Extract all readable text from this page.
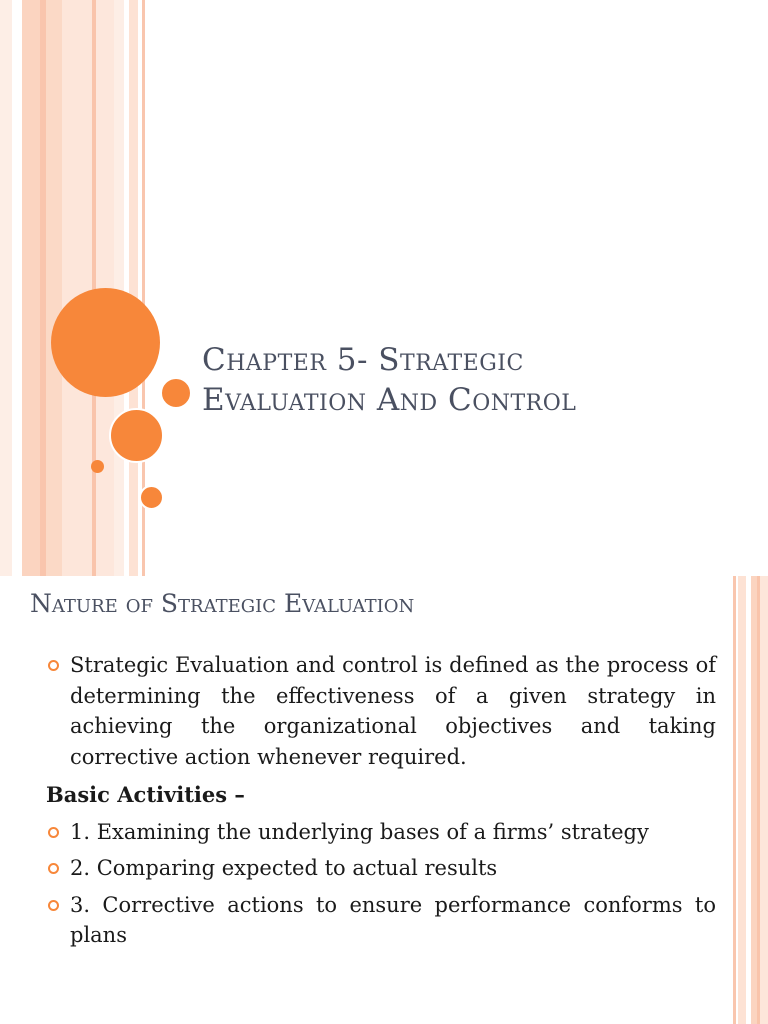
Chapter 5- Strategic
Evaluation And Control
Nature of Strategic Evaluation
Strategic Evaluation and control is defined as the process of determining the effectiveness of a given strategy in achieving the organizational objectives and taking corrective action whenever required.
Basic Activities –
1. Examining the underlying bases of a firms’ strategy
2. Comparing expected to actual results
3. Corrective actions to ensure performance conforms to plans
